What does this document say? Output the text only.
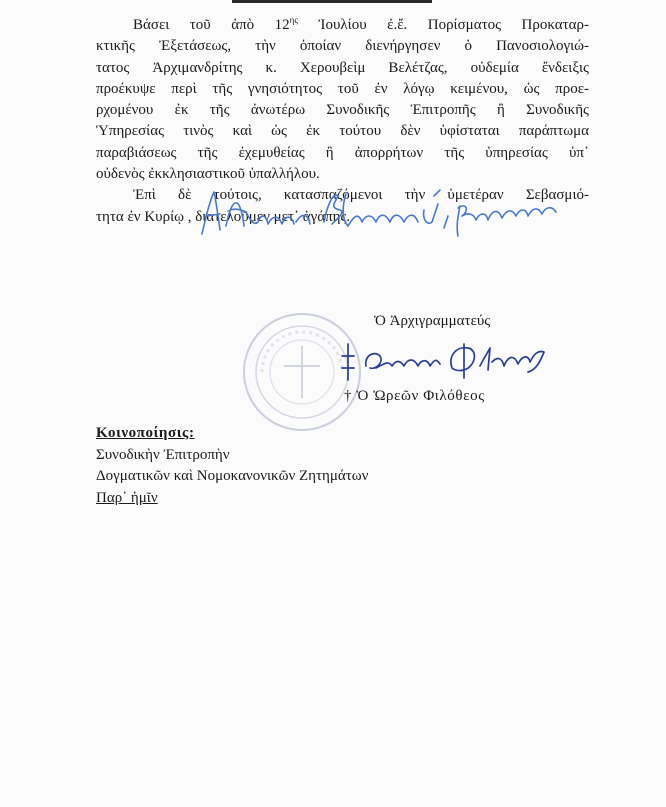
Βάσει τοῦ ἀπὸ $12^{\eta\varsigma}$ Ἰουλίου ἐ.ἔ. Πορίσματος Προκαταρ-
κτικῆς Ἐξετάσεως, τὴν ὁποίαν διενήργησεν ὁ Πανοσιολογιώ-
τατος Ἀρχιμανδρίτης κ. Χερουβεὶμ Βελέτζας, οὐδεμία ἔνδειξις
προέκυψε περὶ τῆς γνησιότητος τοῦ ἐν λόγῳ κειμένου, ὡς προε-
ρχομένου ἐκ τῆς ἀνωτέρω Συνοδικῆς Ἐπιτροπῆς ἢ Συνοδικῆς
Ὑπηρεσίας τινὸς καὶ ὡς ἐκ τούτου δὲν ὑφίσταται παράπτωμα
παραβιάσεως τῆς ἐχεμυθείας ἢ ἀπορρήτων τῆς ὑπηρεσίας ὑπ᾽
οὐδενὸς ἐκκλησιαστικοῦ ὑπαλλήλου.

Ἐπὶ δὲ τούτοις, κατασπαζόμενοι τὴν ὑμετέραν Σεβασμιό-
τητα ἐν Κυρίῳ , διατελοῦμεν μετ᾽ ἀγάπης.

Ὁ Ἀρχιγραμματεύς
† Ὁ Ὠρεῶν Φιλόθεος
Κοινοποίησις:
Συνοδικὴν Ἐπιτροπὴν
Δογματικῶν καὶ Νομοκανονικῶν Ζητημάτων
Παρ᾽ ἡμῖν
